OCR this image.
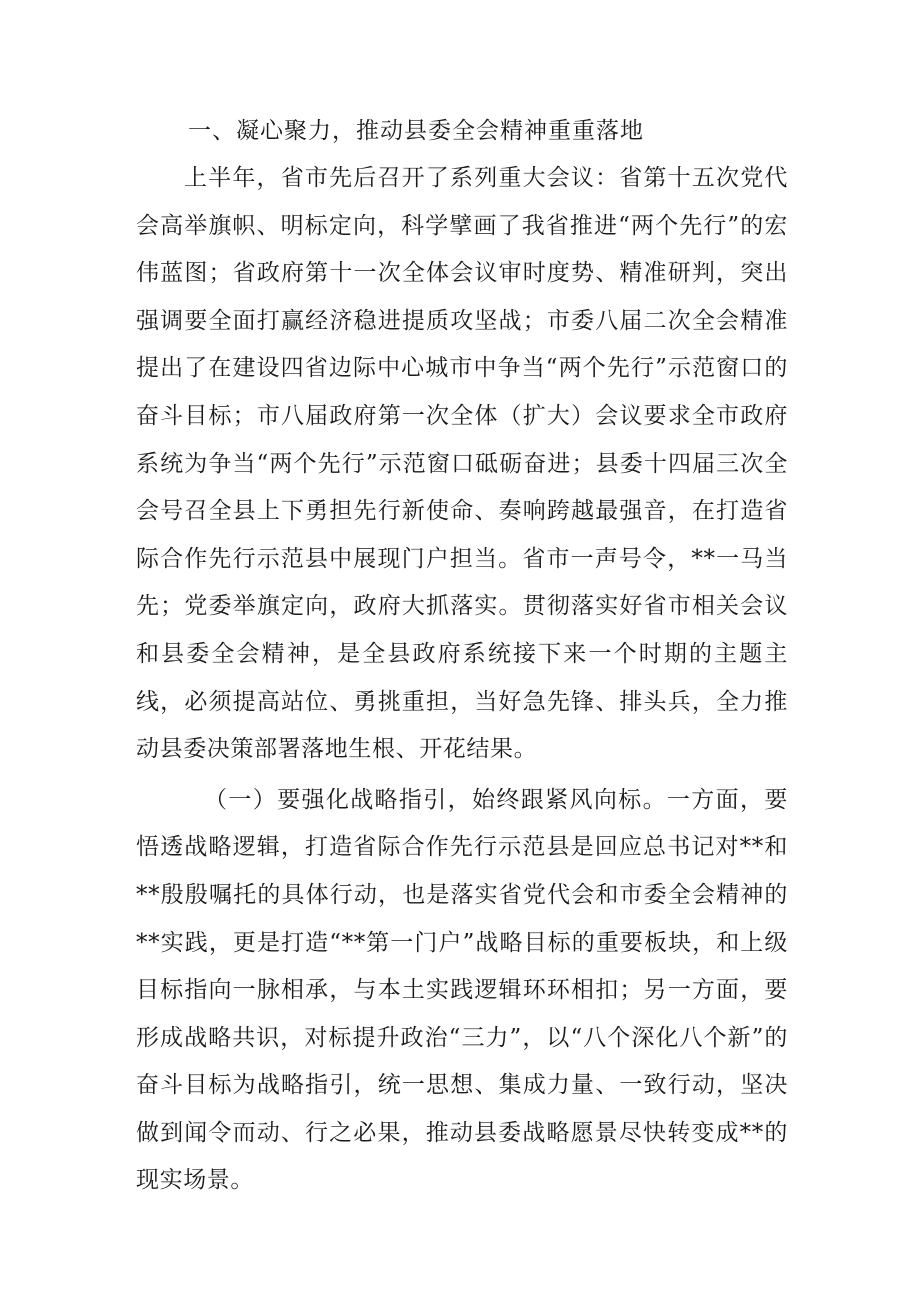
一、凝心聚力，推动县委全会精神重重落地

上半年，省市先后召开了系列重大会议：省第十五次党代会高举旗帜、明标定向，科学擘画了我省推进“两个先行”的宏伟蓝图；省政府第十一次全体会议审时度势、精准研判，突出强调要全面打赢经济稳进提质攻坚战；市委八届二次全会精准提出了在建设四省边际中心城市中争当“两个先行”示范窗口的奋斗目标；市八届政府第一次全体（扩大）会议要求全市政府系统为争当“两个先行”示范窗口砥砺奋进；县委十四届三次全会号召全县上下勇担先行新使命、奏响跨越最强音，在打造省际合作先行示范县中展现门户担当。省市一声号令，**一马当先；党委举旗定向，政府大抓落实。贯彻落实好省市相关会议和县委全会精神，是全县政府系统接下来一个时期的主题主线，必须提高站位、勇挑重担，当好急先锋、排头兵，全力推动县委决策部署落地生根、开花结果。

（一）要强化战略指引，始终跟紧风向标。一方面，要悟透战略逻辑，打造省际合作先行示范县是回应总书记对**和**殷殷嘱托的具体行动，也是落实省党代会和市委全会精神的**实践，更是打造“**第一门户”战略目标的重要板块，和上级目标指向一脉相承，与本土实践逻辑环环相扣；另一方面，要形成战略共识，对标提升政治“三力”，以“八个深化八个新”的奋斗目标为战略指引，统一思想、集成力量、一致行动，坚决做到闻令而动、行之必果，推动县委战略愿景尽快转变成**的现实场景。
